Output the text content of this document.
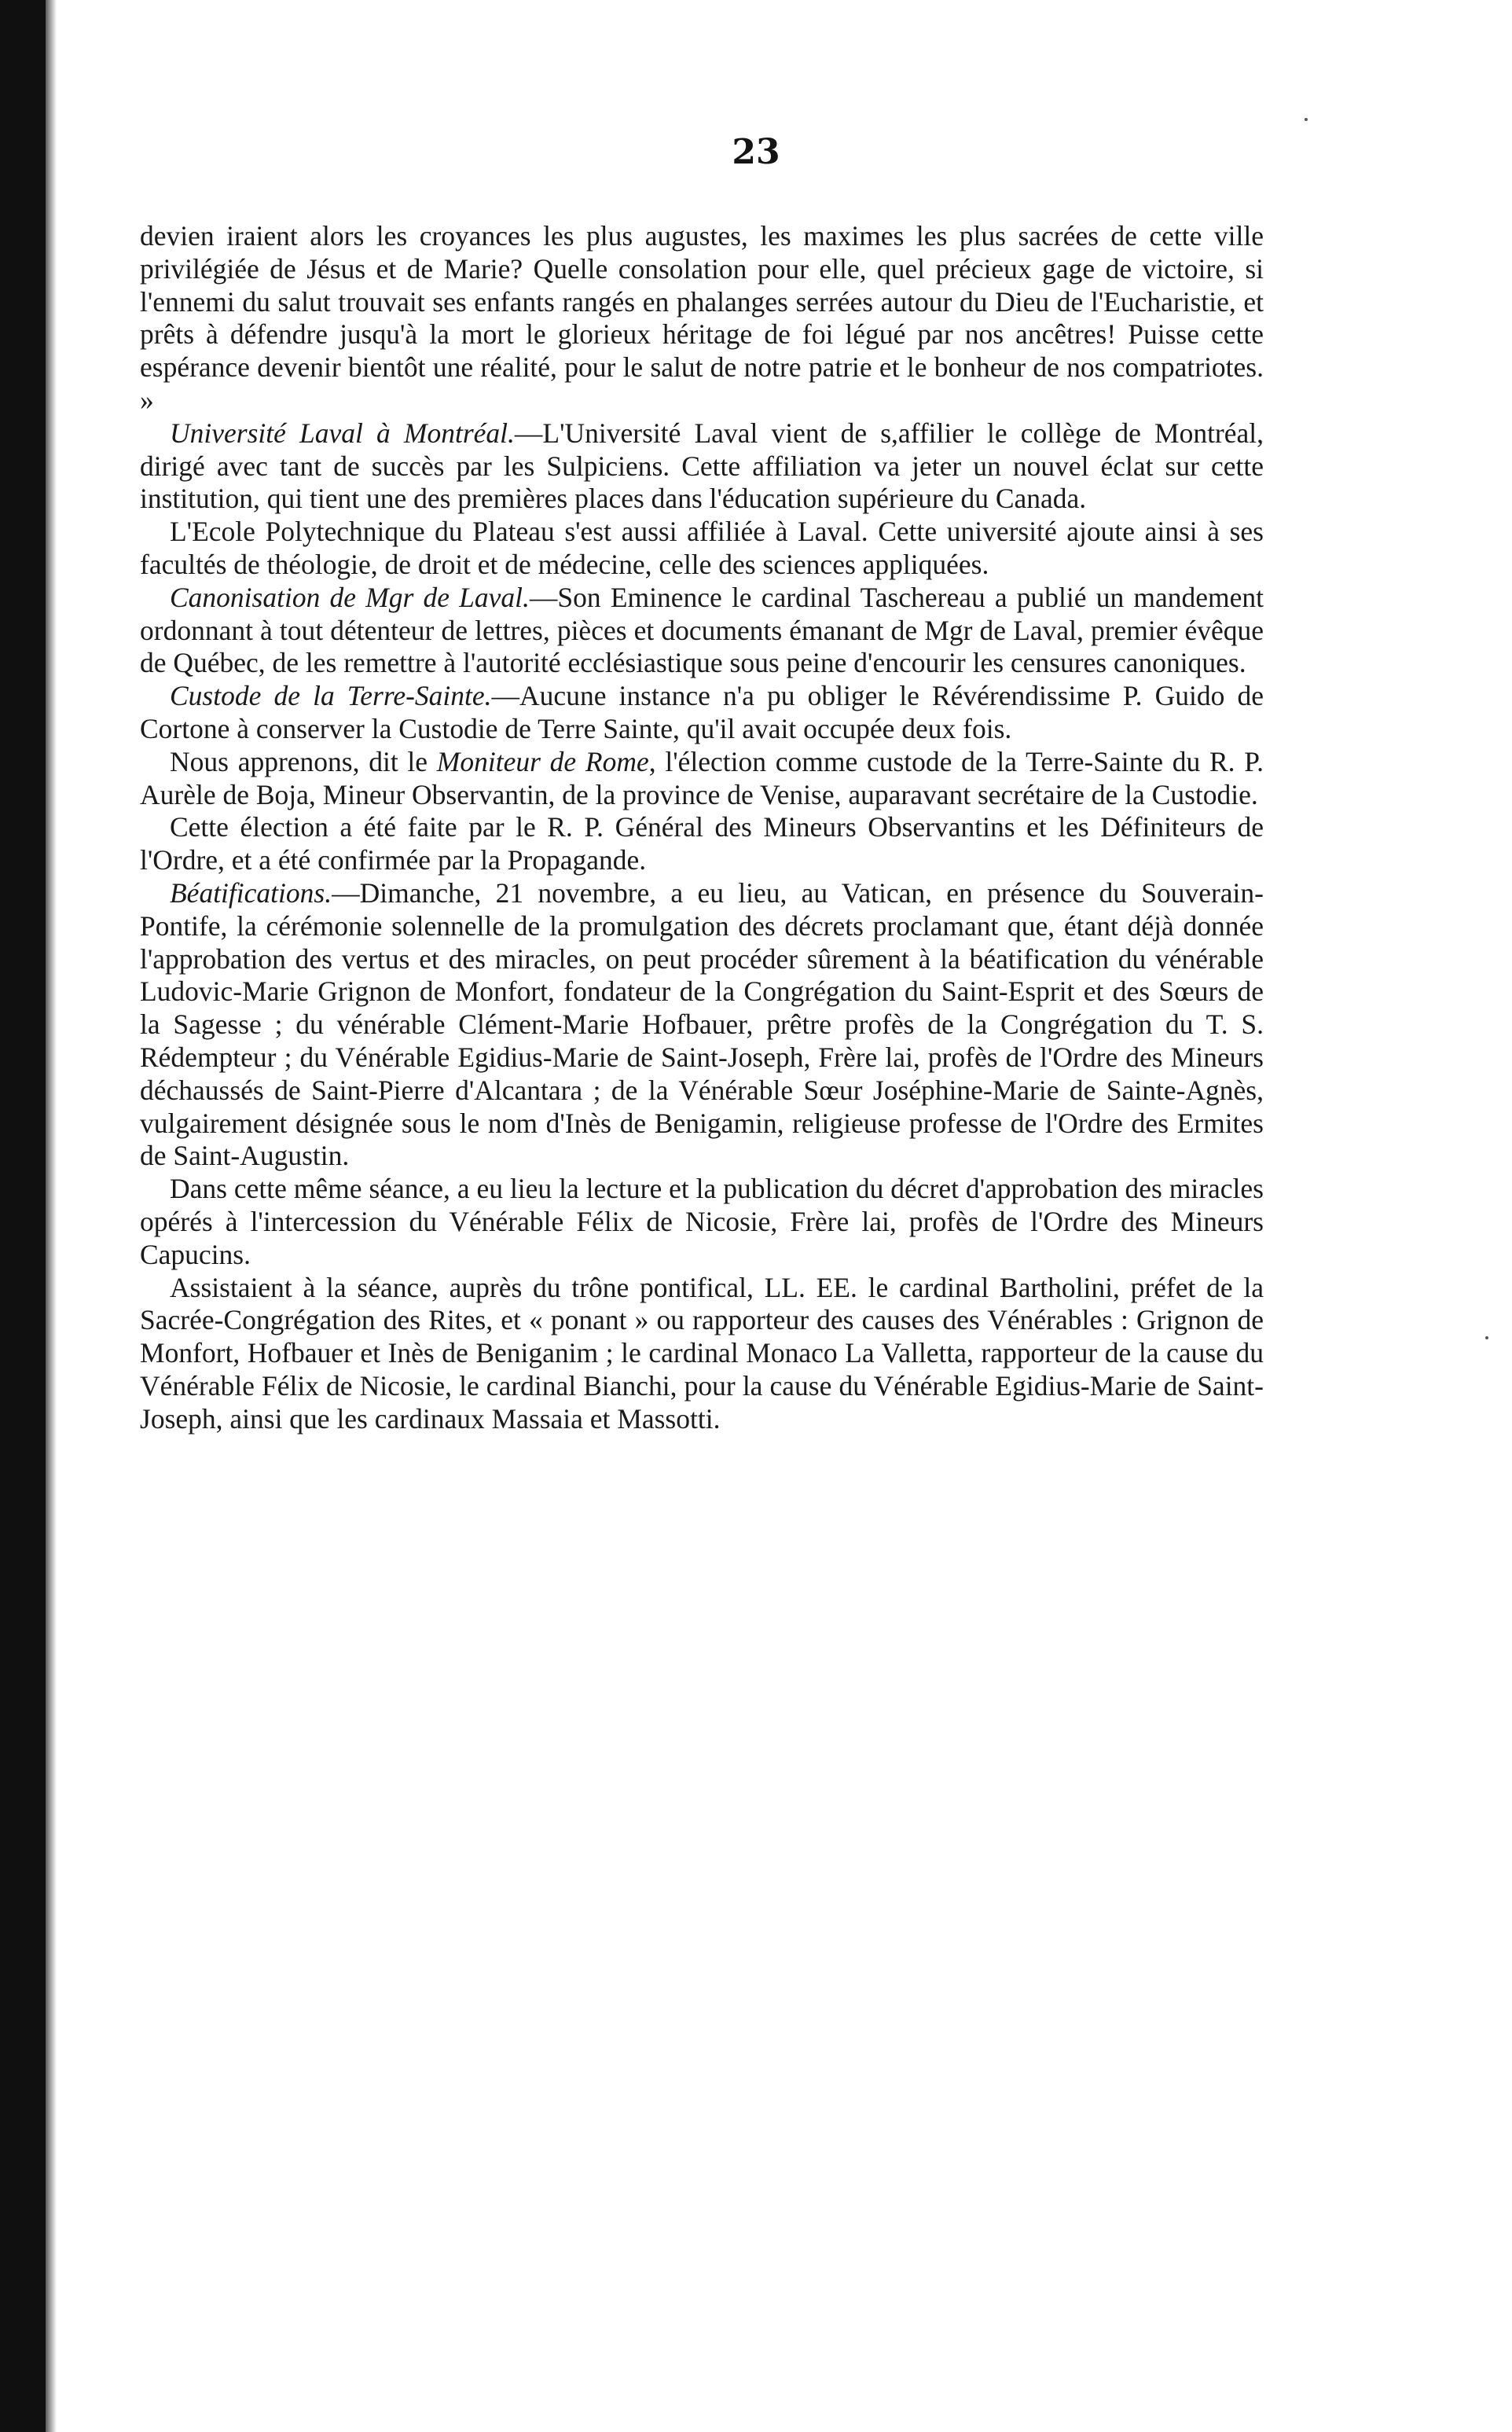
23

devien iraient alors les croyances les plus augustes, les maximes les plus sacrées de cette ville privilégiée de Jésus et de Marie? Quelle consolation pour elle, quel précieux gage de victoire, si l'ennemi du salut trouvait ses enfants rangés en phalanges serrées autour du Dieu de l'Eucharistie, et prêts à défendre jusqu'à la mort le glorieux héritage de foi légué par nos ancêtres! Puisse cette espérance devenir bientôt une réalité, pour le salut de notre patrie et le bonheur de nos compatriotes. »

Université Laval à Montréal.—L'Université Laval vient de s,affilier le collège de Montréal, dirigé avec tant de succès par les Sulpiciens. Cette affiliation va jeter un nouvel éclat sur cette institution, qui tient une des premières places dans l'éducation supérieure du Canada.

L'Ecole Polytechnique du Plateau s'est aussi affiliée à Laval. Cette université ajoute ainsi à ses facultés de théologie, de droit et de médecine, celle des sciences appliquées.

Canonisation de Mgr de Laval.—Son Eminence le cardinal Taschereau a publié un mandement ordonnant à tout détenteur de lettres, pièces et documents émanant de Mgr de Laval, premier évêque de Québec, de les remettre à l'autorité ecclésiastique sous peine d'encourir les censures canoniques.

Custode de la Terre-Sainte.—Aucune instance n'a pu obliger le Révérendissime P. Guido de Cortone à conserver la Custodie de Terre Sainte, qu'il avait occupée deux fois.

Nous apprenons, dit le Moniteur de Rome, l'élection comme custode de la Terre-Sainte du R. P. Aurèle de Boja, Mineur Observantin, de la province de Venise, auparavant secrétaire de la Custodie.

Cette élection a été faite par le R. P. Général des Mineurs Observantins et les Définiteurs de l'Ordre, et a été confirmée par la Propagande.

Béatifications.—Dimanche, 21 novembre, a eu lieu, au Vatican, en présence du Souverain-Pontife, la cérémonie solennelle de la promulgation des décrets proclamant que, étant déjà donnée l'approbation des vertus et des miracles, on peut procéder sûrement à la béatification du vénérable Ludovic-Marie Grignon de Monfort, fondateur de la Congrégation du Saint-Esprit et des Sœurs de la Sagesse ; du vénérable Clément-Marie Hofbauer, prêtre profès de la Congrégation du T. S. Rédempteur ; du Vénérable Egidius-Marie de Saint-Joseph, Frère lai, profès de l'Ordre des Mineurs déchaussés de Saint-Pierre d'Alcantara ; de la Vénérable Sœur Joséphine-Marie de Sainte-Agnès, vulgairement désignée sous le nom d'Inès de Benigamin, religieuse professe de l'Ordre des Ermites de Saint-Augustin.

Dans cette même séance, a eu lieu la lecture et la publication du décret d'approbation des miracles opérés à l'intercession du Vénérable Félix de Nicosie, Frère lai, profès de l'Ordre des Mineurs Capucins.

Assistaient à la séance, auprès du trône pontifical, LL. EE. le cardinal Bartholini, préfet de la Sacrée-Congrégation des Rites, et « ponant » ou rapporteur des causes des Vénérables : Grignon de Monfort, Hofbauer et Inès de Beniganim ; le cardinal Monaco La Valletta, rapporteur de la cause du Vénérable Félix de Nicosie, le cardinal Bianchi, pour la cause du Vénérable Egidius-Marie de Saint-Joseph, ainsi que les cardinaux Massaia et Massotti.
